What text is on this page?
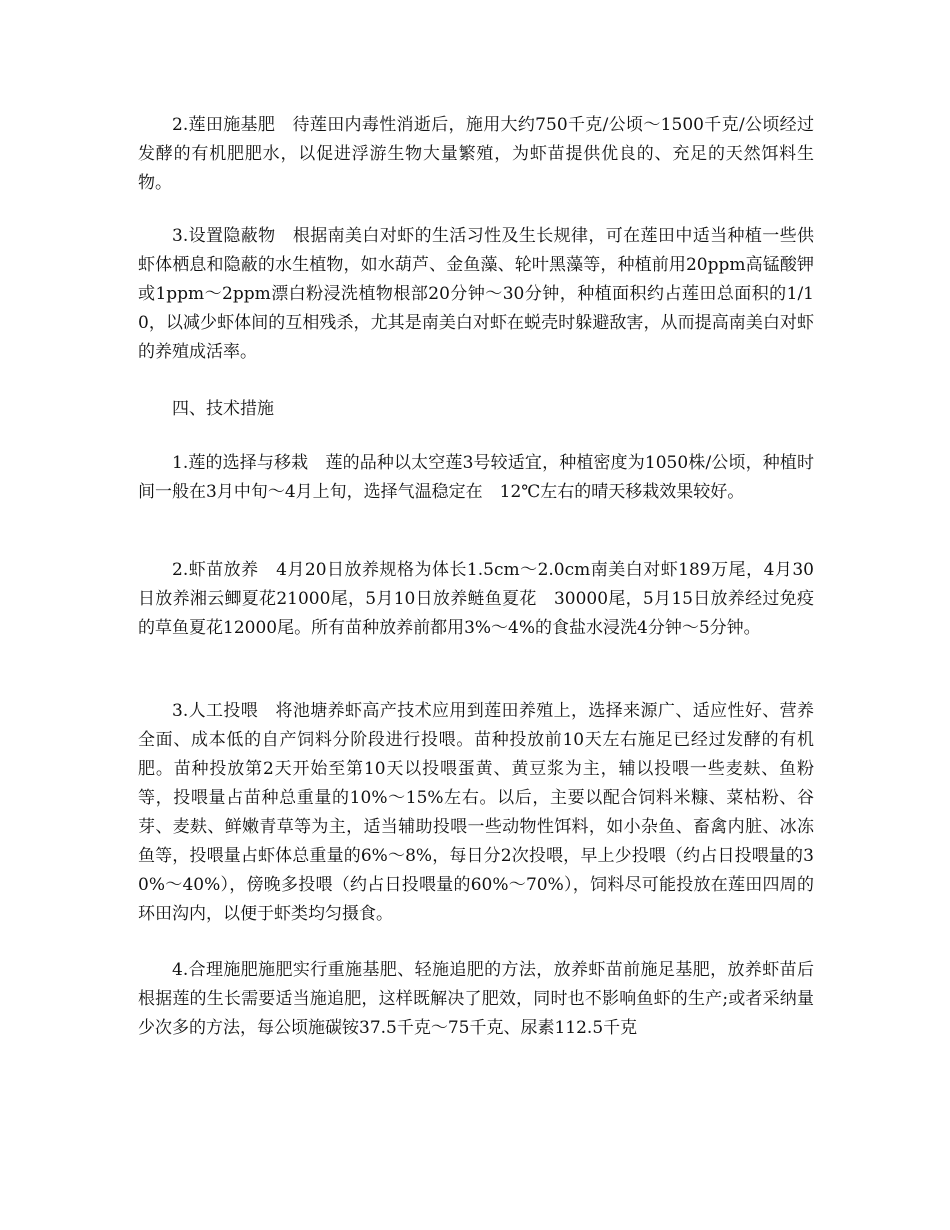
2.莲田施基肥　待莲田内毒性消逝后，施用大约750千克/公顷～1500千克/公顷经过发酵的有机肥肥水，以促进浮游生物大量繁殖，为虾苗提供优良的、充足的天然饵料生物。

3.设置隐蔽物　根据南美白对虾的生活习性及生长规律，可在莲田中适当种植一些供虾体栖息和隐蔽的水生植物，如水葫芦、金鱼藻、轮叶黑藻等，种植前用20ppm高锰酸钾或1ppm～2ppm漂白粉浸洗植物根部20分钟～30分钟，种植面积约占莲田总面积的1/10，以减少虾体间的互相残杀，尤其是南美白对虾在蜕壳时躲避敌害，从而提高南美白对虾的养殖成活率。

四、技术措施

1.莲的选择与移栽　莲的品种以太空莲3号较适宜，种植密度为1050株/公顷，种植时间一般在3月中旬～4月上旬，选择气温稳定在　12℃左右的晴天移栽效果较好。

2.虾苗放养　4月20日放养规格为体长1.5cm～2.0cm南美白对虾189万尾，4月30日放养湘云鲫夏花21000尾，5月10日放养鲢鱼夏花　30000尾，5月15日放养经过免疫的草鱼夏花12000尾。所有苗种放养前都用3%～4%的食盐水浸洗4分钟～5分钟。

3.人工投喂　将池塘养虾高产技术应用到莲田养殖上，选择来源广、适应性好、营养全面、成本低的自产饲料分阶段进行投喂。苗种投放前10天左右施足已经过发酵的有机肥。苗种投放第2天开始至第10天以投喂蛋黄、黄豆浆为主，辅以投喂一些麦麸、鱼粉等，投喂量占苗种总重量的10%～15%左右。以后，主要以配合饲料米糠、菜枯粉、谷芽、麦麸、鲜嫩青草等为主，适当辅助投喂一些动物性饵料，如小杂鱼、畜禽内脏、冰冻鱼等，投喂量占虾体总重量的6%～8%，每日分2次投喂，早上少投喂（约占日投喂量的30%～40%），傍晚多投喂（约占日投喂量的60%～70%），饲料尽可能投放在莲田四周的环田沟内，以便于虾类均匀摄食。

4.合理施肥施肥实行重施基肥、轻施追肥的方法，放养虾苗前施足基肥，放养虾苗后根据莲的生长需要适当施追肥，这样既解决了肥效，同时也不影响鱼虾的生产;或者采纳量少次多的方法，每公顷施碳铵37.5千克～75千克、尿素112.5千克
